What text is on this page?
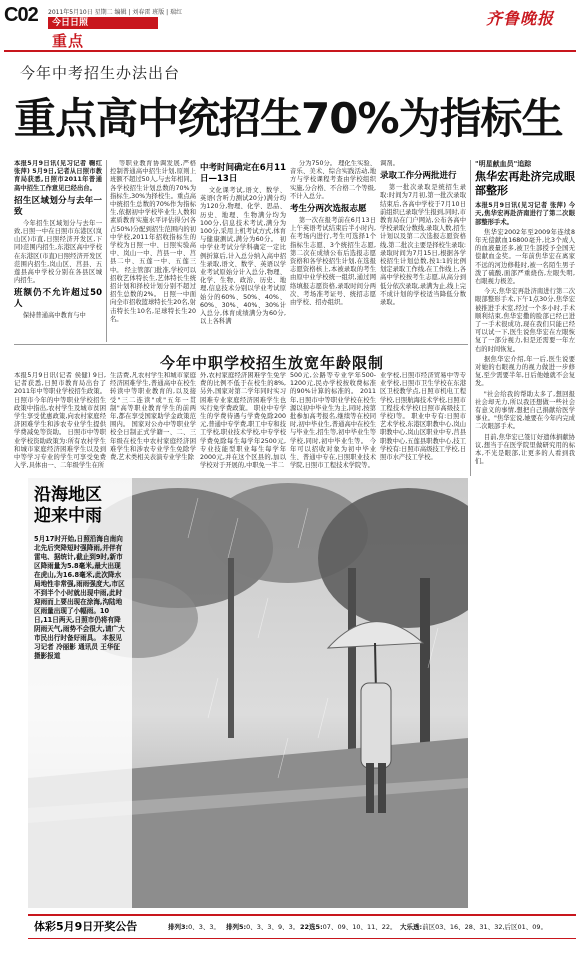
C02 2011年5月10日 星期二 编辑 | 刘春雷 班版 | 瑞红
今日日照
重点
齐鲁晚报
今年中考招生办法出台
重点高中统招生70%为指标生

本报5月9日讯(见习记者 鞠红 张萍) 5月9日,记者从日照市教育局获悉,日照市2011年普通高中招生工作意见已经出台。

招生区域划分与去年一致

今年招生区域划分与去年一致,日照一中在日照市东港区(岚山区)市直,日照经济开发区,下同)范围内招生,东港区高中学校在东港区(市直)日照经济开发区范围内招生,岚山区、莒县、五莲县高中学校分别在各县区城内招生。

班额仍不允许超过50人

保持普通高中教育与中

等职业教育协调发展,严格控制普通高中招生计划,原则上班额不超过50人,与去年相同。 各学校招生计划总数的70%为指标生,30%为择校生。重点高中统招生总数的70%作为指标生,依据初中学校毕业生人数和素质教育实施水平评估得分(各占50%)分配到招生范围内的初中学校,2011年招收指标生的学校为日照一中、日照实验高中、岚山一中、莒县一中、莒县二中、五莲一中、五莲三中。 经主管部门批准,学校可以招收艺体特长生,艺体特长生统招计划和择校计划分别不超过招生总数的2%。 日照一中面向全市招收篮球特长生20名,射击特长生10名,足球特长生20名。

中考时间确定在6月11日—13日

文化课考试,语文、数学、英语(含听力测试20分)满分均为120分,物理、化学、思品、历史、地理、生物满分均为100分,信息技术考试,满分为100分,采用上机考试方式,体育与健康测试,满分为60分。 初中学业考试分学科确定一定比例折算后,计入总分纳入高中招生录取,语文、数学、英语以学业考试原始分计入总分,物理、化学、生物、政治、历史、地理,信息技术分别以学业考试原始分的60%、50%、40%、60%、30%、40%、30%计入总分,体育成绩满分为60分,以上各科满

分为750分。 理化生实验、音乐、美术、综合实践活动,地方与学校课程考查由学校组织实施,分合格、不合格二个等级,不计入总分。

考生分两次选报志愿

第一次在报考前在6月13日上午英语考试结束后半小时内,在考场内进行,考生可选择1个指标生志愿、3个统招生志愿,第二次在成绩公布后选报志愿资格和各学校招生计划,在选报志愿资格核上,本被录取的考生由原中业学校统一组织,通过网络填报志愿资格,录取时间分两次、考场准考证号、统招志愿由学校、招办组织。

调剂。

录取工作分两批进行

第一批次录取是统招生录取:时间为7月初,第一批次录取结束后,各高中学校于7月10日前组织已录取学生报到,同时,市教育局在门户网站,公布各高中学校录取分数线,录取人数,招生计划以及第二次选报志愿资格线,第二批次主要是择校生录取:录取时间为7月15日,根据各学校招生计划总数,按1:1的比例划定录取工作线,在工作线上,各高中学校按考生志愿,从高分到低分依次录取,录满为止,线上完不成计划的学校适当降低分数录取。

"明星献血员"追踪
焦华宏再赴济完成眼部整形

本报5月9日讯(见习记者 张萍) 今天,焦华宏再赴济南进行了第二次眼部整形手术。

焦华宏2002年至2009年连续8年无偿献血16800毫升,比3个成人的血液量还多,被卫生部授予全国无偿献血金奖。一年前焦华宏在离家不远的河边修鞋时,被一名陌生男子泼了硫酸,面部严重烧伤,左眼失明,右眼视力极差。

今天,焦华宏再赴济南进行第二次眼部整形手术,下午1点30分,焦华宏被推进手术室,经过一个多小时,手术顺利结束,焦华宏撒的脸部已经已进了一手术很成功,现在我们只能已经可以试一下,医生说焦华宏在左眼恢复了一部分视力,但是还需要一年左右的时间恢复。

据焦华宏介绍,年一后,医生说要对她的右眼视力的视力做进一步修复,至少需要半年,日后他她就不会复发。

"社会给我的帮助太多了,想回报社会却无力,所以我还想做一些社会有意义的事情,想把自己捐献给医学事业。"焦华宏说,她要在今年内完成二次眼部手术。

目前,焦华宏已签订好遗体捐献协议,想当于在医学院里做研究用的标本,不光是眼部,让更多的人看到我们。

今年中职学校招生放宽年龄限制

本报5月9日讯(记者 侯健) 9日,记者获悉,日照市教育局出台了2011年中等职业学校招生政策。 日照市今年的中等职业学校招生政策中指出,农村学生及城市贫困学生享受优惠政策,向农村家庭经济困难学生和涉农专业学生提供学费减免等资助。 日照市中等职业学校资助政策为:所有农村学生和城市家庭经济困难学生以及到中等学习专业的学生可享受免费入学,具体由一、二年级学生在所

生活费,凡农村学生和城市家庭经济困难学生,普通高中在校生转读中等职业教育的,以及接受"三二连读"或"五年一贯制"高等职业教育学生的前两年,都在享受国家助学金政策范围内。 国家对公办中等职业学校全日制正式学籍一、二、三年级在校生中农村家庭经济困难学生和涉农专业学生免除学费,艺术类相关表演专业学生除

外,农村家庭经济困难学生免学费的比例不低于在校生的8%,另外,国家对第二学年同时实习困难专业家庭经济困难学生也实行免学费政策。 职业中专学生的学费待遇与学费免除200元,普通中专学费,职工中专和技工学校,职业技术学校,中专学校学费免除每生每学年2500元,专业技能型职业每生每学年2000元,并在这个区县的,加以学校对于开展的,中职免一半二

500元,公路等专业学年500-1200元,民办学校按收费标准的90%计算的标准的。 2011年,日照市中等职业学校在校生源以初中毕业生为主,同时,按第批参加高考报名,继续等在校同时,初中毕业生,普通高中在校生与毕业生,招生等,初中毕业生等学校,同时,初中毕业生等。 今年可以招收对象为初中毕业生、普通中专在,日照职业技术学院,日照市工程技术学院等。

业学校,日照市经济贸易中等专业学校,日照市卫生学校在东港区卫校教学点,日照市机电工程学校,日照航海技术学校,日照市工程技术学校(日照市高级技工学校)等。 职业中专有:日照市艺术学校,东港区职教中心,岚山职教中心,岚山区职业中专,莒县职教中心,五莲县职教中心,技工学校有:日照市高级技工学校,日照市水产技工学校。

沿海地区
迎来中雨
5月17时开始,日照沿海自南向北先后突降短时强降雨,并伴有雷电、据统计,截止到9时,新市区降雨量为5.8毫米,最大出现在虎山,为16.8毫米,此次降水局地性非常强,雨雨强度大,市区不到半个小时就出现中雨,此时迎雨而上要出现在涂海,沟陆地区雨量出现了小幅雨。10日,11日两天,日照市仍将有降阴雨天气,雨势不会很大,请广大市民出行时备好雨具。 本报见习记者 冷丽影 通讯员 王华征 摄影报道
体彩5月9日开奖公告	排列3:0、3、3。 排列5:0、3、3、9、3。 22选5:07、09、10、11、22。 大乐透:前区03、16、28、31、32,后区01、09。
